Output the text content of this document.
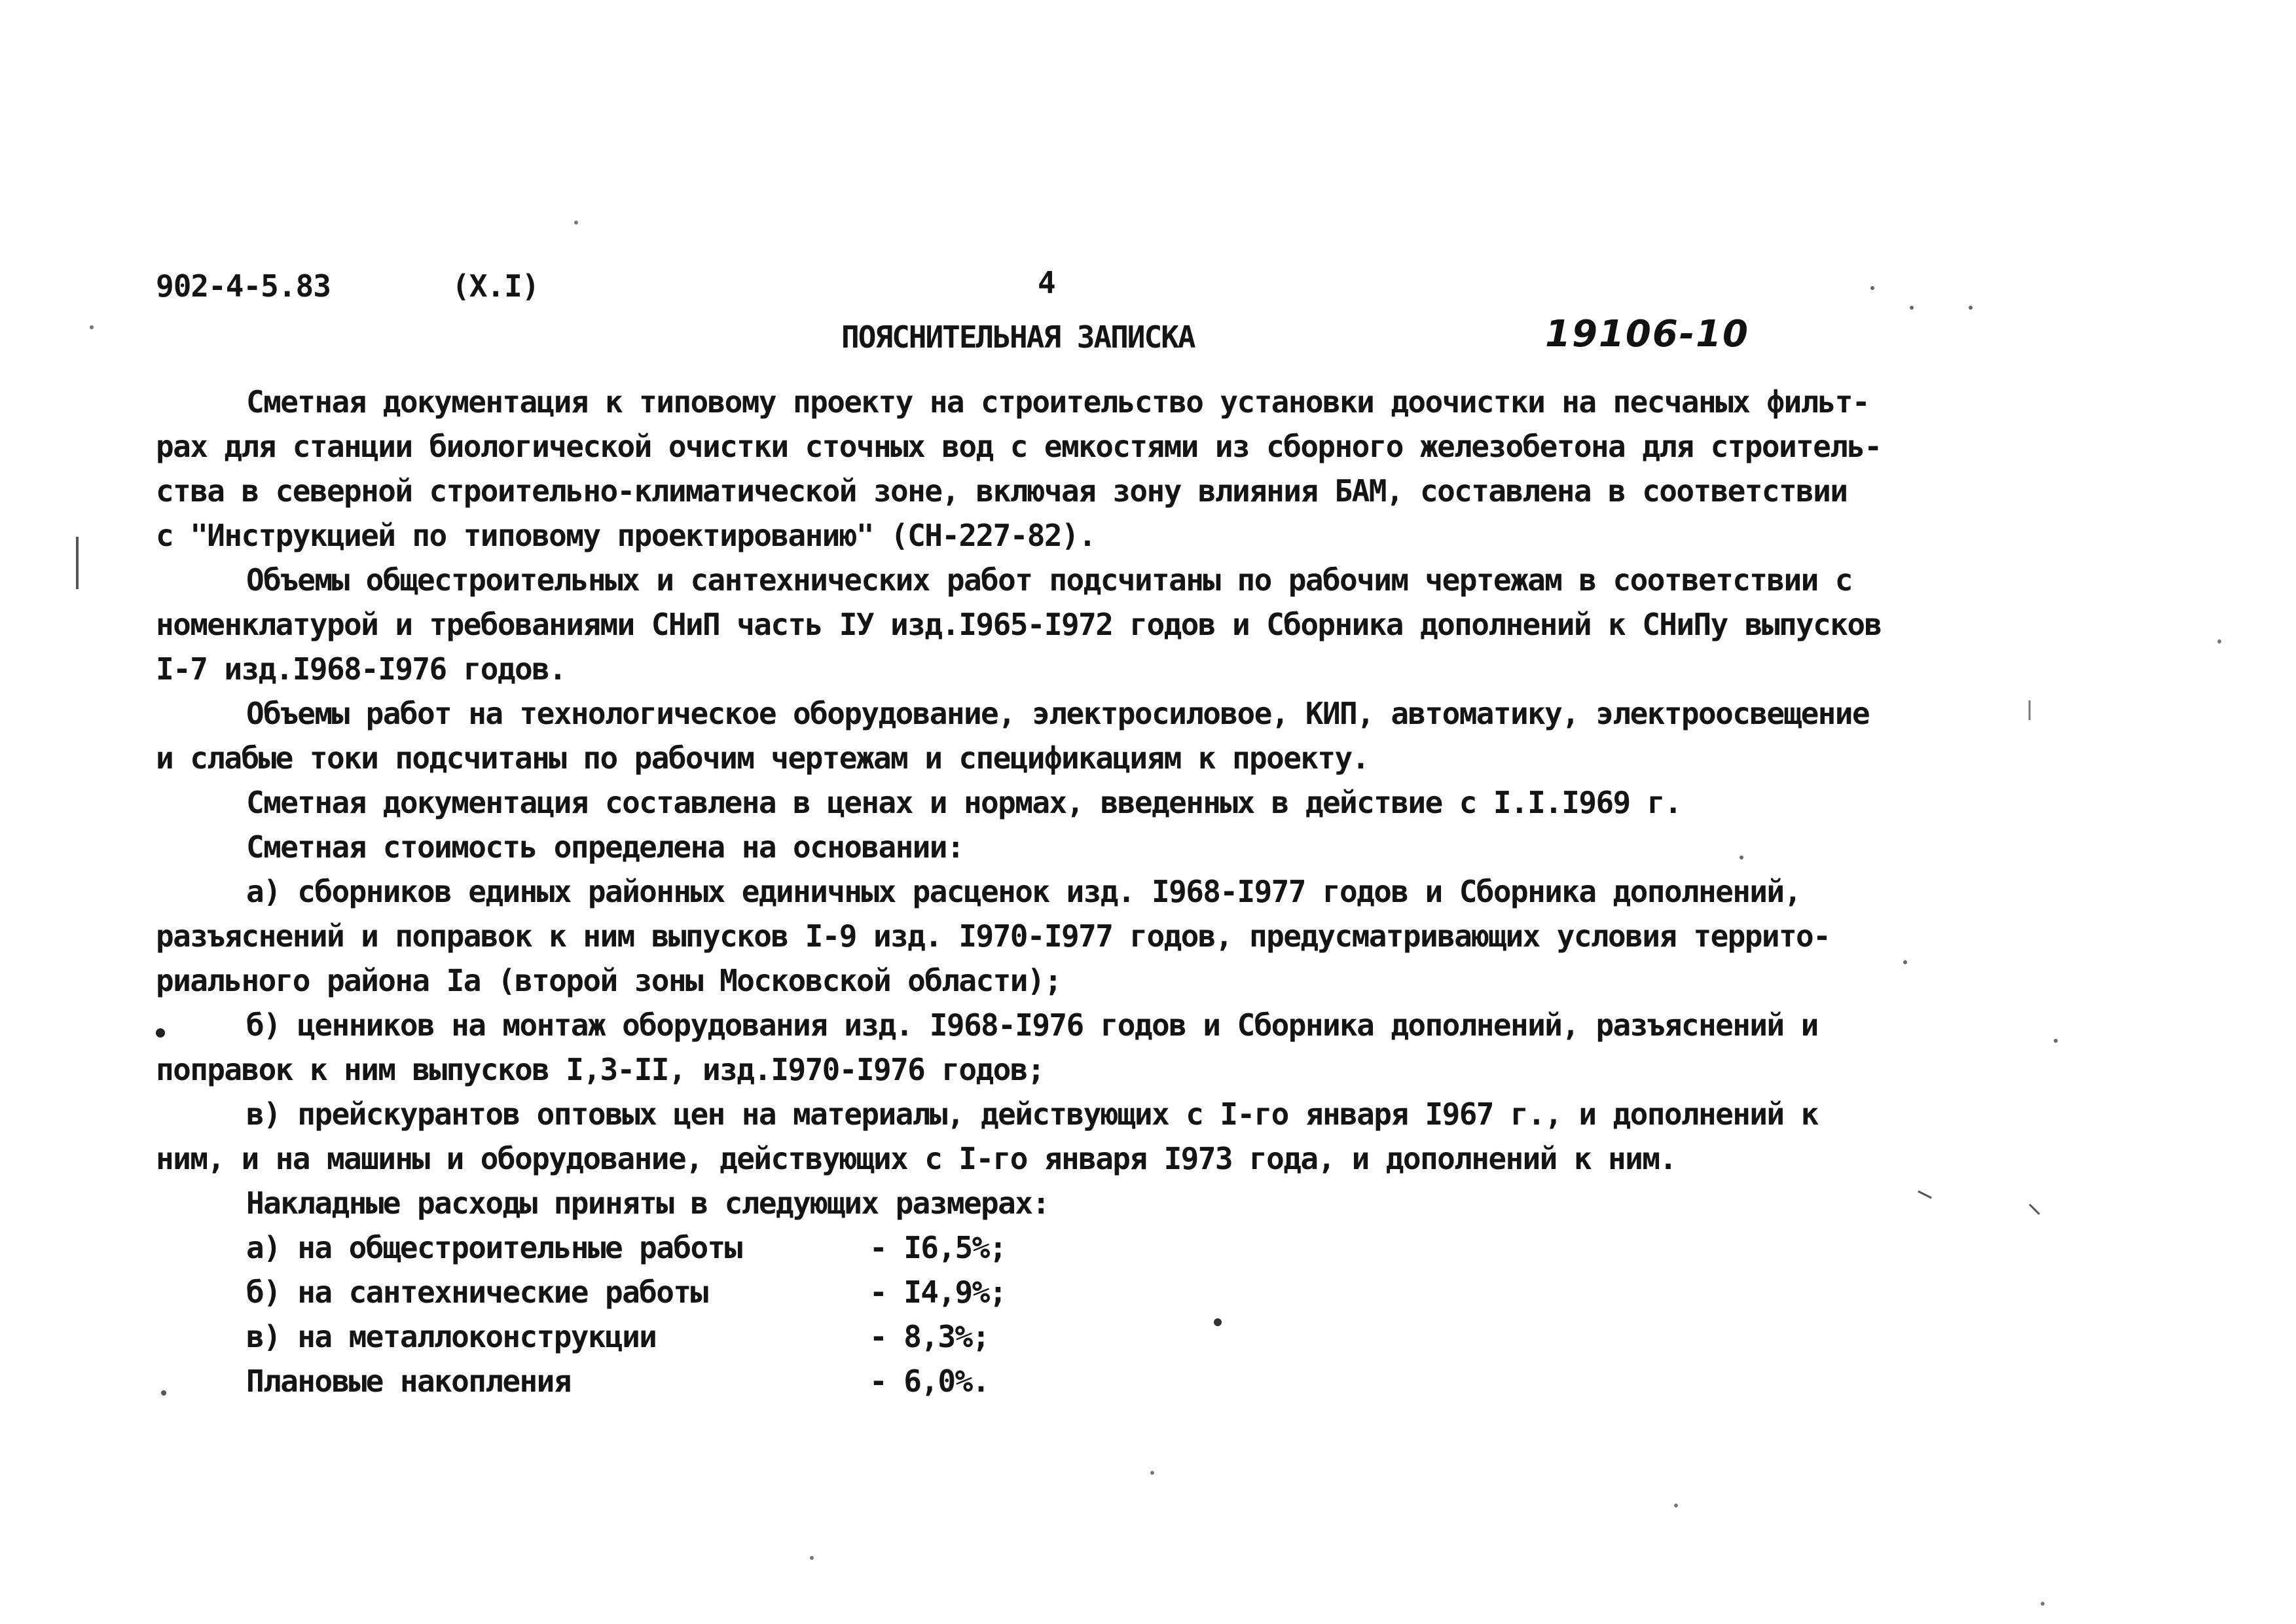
902-4-5.83	(X.I)	4
ПОЯСНИТЕЛЬНАЯ ЗАПИСКА	19106-10
Сметная документация к типовому проекту на строительство установки доочистки на песчаных фильт-
рах для станции биологической очистки сточных вод с емкостями из сборного железобетона для строитель-
ства в северной строительно-климатической зоне, включая зону влияния БАМ, составлена в соответствии
с "Инструкцией по типовому проектированию" (СН-227-82).
Объемы общестроительных и сантехнических работ подсчитаны по рабочим чертежам в соответствии с
номенклатурой и требованиями СНиП часть IУ изд.I965-I972 годов и Сборника дополнений к СНиПу выпусков
I-7 изд.I968-I976 годов.
Объемы работ на технологическое оборудование, электросиловое, КИП, автоматику, электроосвещение
и слабые токи подсчитаны по рабочим чертежам и спецификациям к проекту.
Сметная документация составлена в ценах и нормах, введенных в действие с I.I.I969 г.
Сметная стоимость определена на основании:
а) сборников единых районных единичных расценок изд. I968-I977 годов и Сборника дополнений,
разъяснений и поправок к ним выпусков I-9 изд. I970-I977 годов, предусматривающих условия террито-
риального района Iа (второй зоны Московской области);
б) ценников на монтаж оборудования изд. I968-I976 годов и Сборника дополнений, разъяснений и
поправок к ним выпусков I,3-II, изд.I970-I976 годов;
в) прейскурантов оптовых цен на материалы, действующих с I-го января I967 г., и дополнений к
ним, и на машины и оборудование, действующих с I-го января I973 года, и дополнений к ним.
Накладные расходы приняты в следующих размерах:
а) на общестроительные работы	- I6,5%;
б) на сантехнические работы	- I4,9%;
в) на металлоконструкции	- 8,3%;
Плановые накопления	- 6,0%.
